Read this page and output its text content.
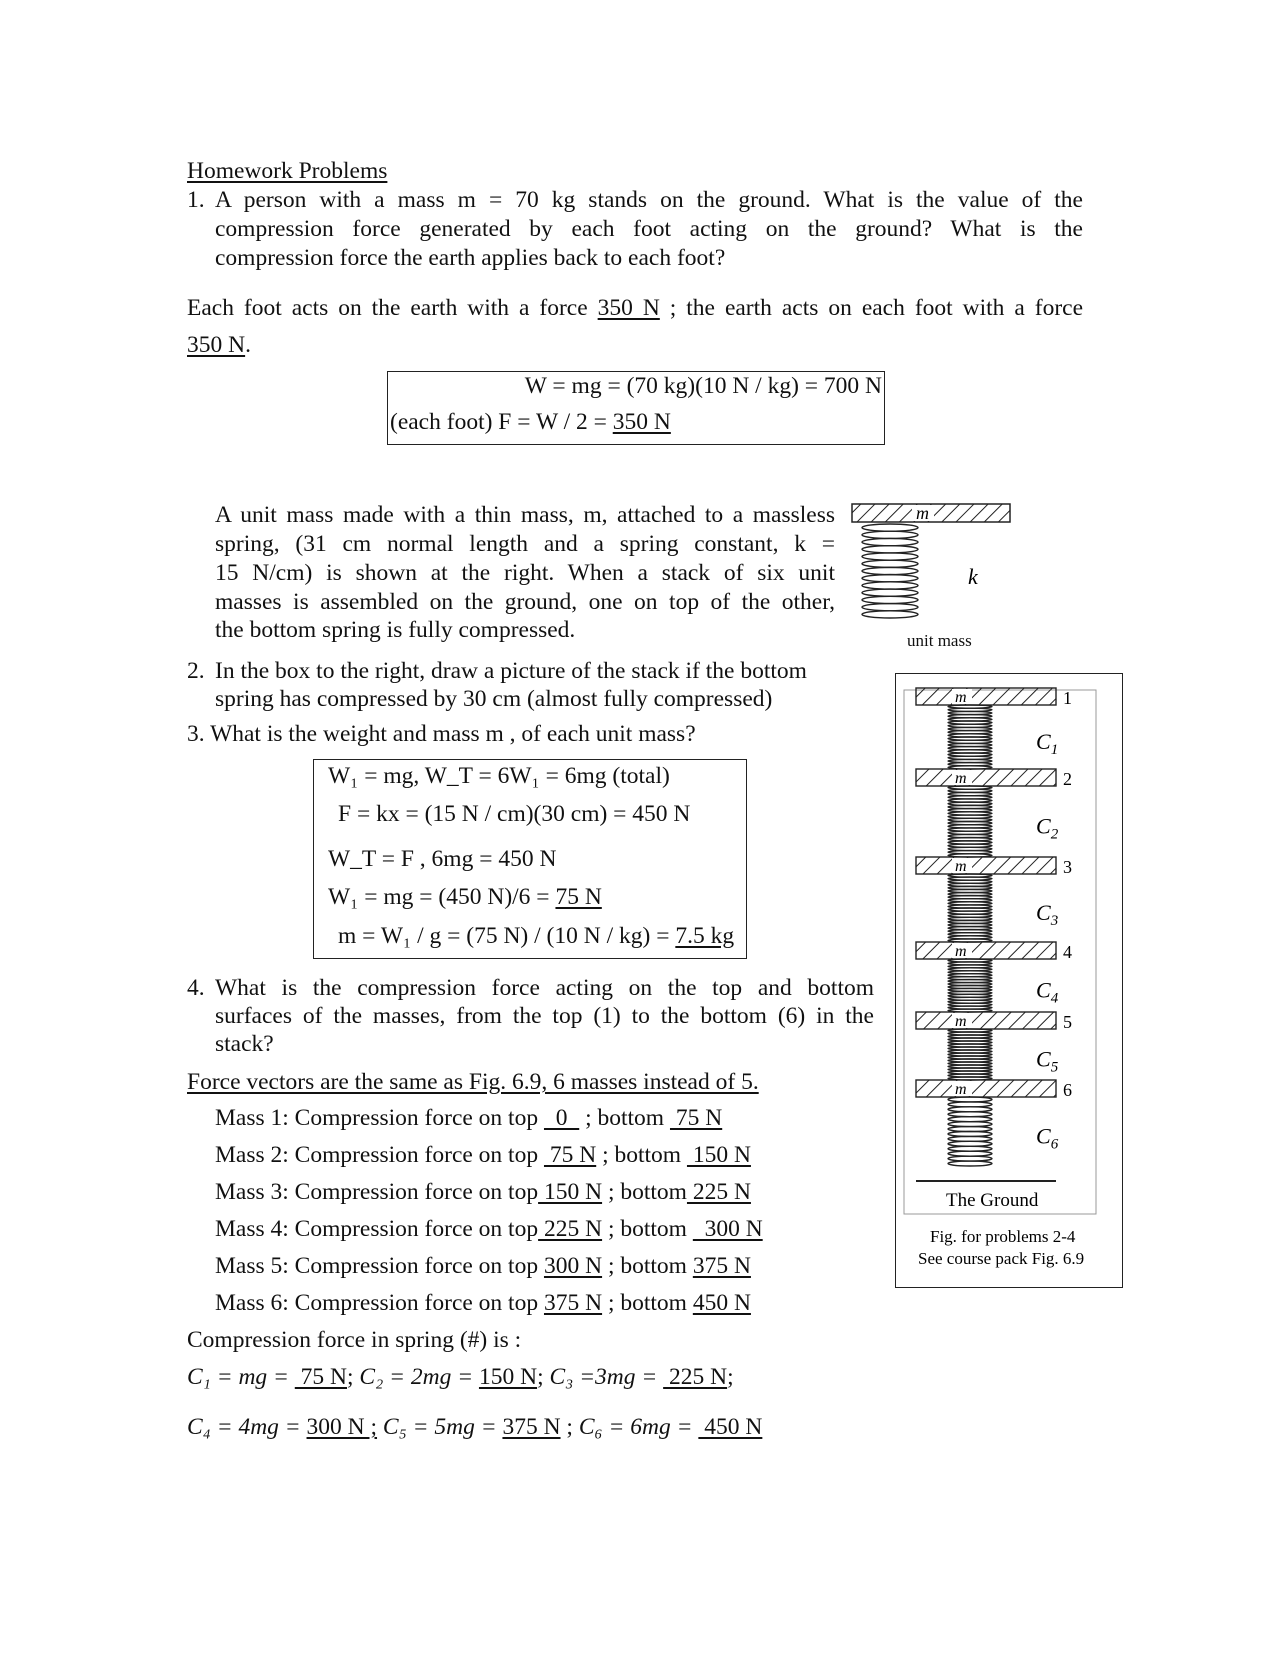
Homework Problems
1. A person with a mass m = 70 kg stands on the ground. What is the value of the
compression force generated by each foot acting on the ground? What is the
compression force the earth applies back to each foot?
Each foot acts on the earth with a force 350 N ; the earth acts on each foot with a force
350 N.
W = mg = (70 kg)(10 N / kg) = 700 N
(each foot) F = W / 2 = 350 N
A unit mass made with a thin mass, m, attached to a massless
spring, (31 cm normal length and a spring constant, k =
15 N/cm) is shown at the right. When a stack of six unit
masses is assembled on the ground, one on top of the other,
the bottom spring is fully compressed.
m
k
unit mass
2. In the box to the right, draw a picture of the stack if the bottom
spring has compressed by 30 cm (almost fully compressed)
3. What is the weight and mass m , of each unit mass?
W₁ = mg, W_T = 6W₁ = 6mg (total)
F = kx = (15 N / cm)(30 cm) = 450 N
W_T = F , 6mg = 450 N
W₁ = mg = (450 N)/6 = 75 N
m = W₁ / g = (75 N) / (10 N / kg) = 7.5 kg
4. What is the compression force acting on the top and bottom
surfaces of the masses, from the top (1) to the bottom (6) in the
stack?
Force vectors are the same as Fig. 6.9, 6 masses instead of 5.
Mass 1: Compression force on top   0   ; bottom  75 N
Mass 2: Compression force on top  75 N ; bottom  150 N
Mass 3: Compression force on top 150 N ; bottom 225 N
Mass 4: Compression force on top 225 N ; bottom   300 N
Mass 5: Compression force on top 300 N ; bottom 375 N
Mass 6: Compression force on top 375 N ; bottom 450 N
Compression force in spring (#) is :
C₁ = mg =  75 N; C₂ = 2mg = 150 N; C₃ =3mg =  225 N;
C₄ = 4mg = 300 N ; C₅ = 5mg = 375 N ; C₆ = 6mg =  450 N
m	1
$C_1$
m	2
$C_2$
m	3
$C_3$
m	4
$C_4$
m	5
$C_5$
m	6
$C_6$
The Ground
Fig. for problems 2-4
See course pack Fig. 6.9
